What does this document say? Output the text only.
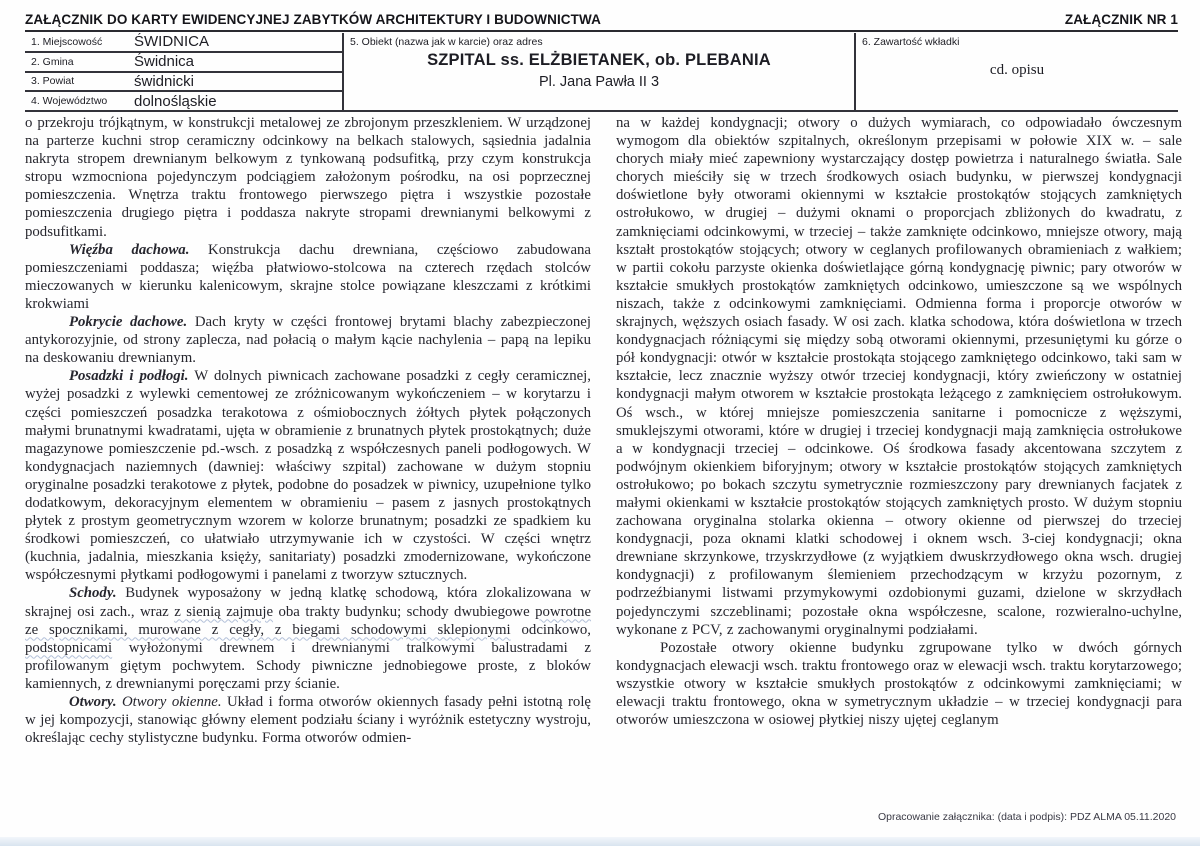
ZAŁĄCZNIK DO KARTY EWIDENCYJNEJ ZABYTKÓW ARCHITEKTURY I BUDOWNICTWA	ZAŁĄCZNIK NR 1
1. Miejscowość	ŚWIDNICA
2. Gmina	Świdnica
3. Powiat	świdnicki
4. Województwo	dolnośląskie
5. Obiekt (nazwa jak w karcie) oraz adres
SZPITAL ss. ELŻBIETANEK, ob. PLEBANIA
Pl. Jana Pawła II 3
6. Zawartość wkładki
cd. opisu

o przekroju trójkątnym, w konstrukcji metalowej ze zbrojonym przeszkleniem. W urządzonej na parterze kuchni strop ceramiczny odcinkowy na belkach stalowych, sąsiednia jadalnia nakryta stropem drewnianym belkowym z tynkowaną podsufitką, przy czym konstrukcja stropu wzmocniona pojedynczym podciągiem założonym pośrodku, na osi poprzecznej pomieszczenia. Wnętrza traktu frontowego pierwszego piętra i wszystkie pozostałe pomieszczenia drugiego piętra i poddasza nakryte stropami drewnianymi belkowymi z podsufitkami.

Więźba dachowa. Konstrukcja dachu drewniana, częściowo zabudowana pomieszczeniami poddasza; więźba płatwiowo-stolcowa na czterech rzędach stolców mieczowanych w kierunku kalenicowym, skrajne stolce powiązane kleszczami z krótkimi krokwiami

Pokrycie dachowe. Dach kryty w części frontowej brytami blachy zabezpieczonej antykorozyjnie, od strony zaplecza, nad połacią o małym kącie nachylenia – papą na lepiku na deskowaniu drewnianym.

Posadzki i podłogi. W dolnych piwnicach zachowane posadzki z cegły ceramicznej, wyżej posadzki z wylewki cementowej ze zróżnicowanym wykończeniem – w korytarzu i części pomieszczeń posadzka terakotowa z ośmiobocznych żółtych płytek połączonych małymi brunatnymi kwadratami, ujęta w obramienie z brunatnych płytek prostokątnych; duże magazynowe pomieszczenie pd.-wsch. z posadzką z współczesnych paneli podłogowych. W kondygnacjach naziemnych (dawniej: właściwy szpital) zachowane w dużym stopniu oryginalne posadzki terakotowe z płytek, podobne do posadzek w piwnicy, uzupełnione tylko dodatkowym, dekoracyjnym elementem w obramieniu – pasem z jasnych prostokątnych płytek z prostym geometrycznym wzorem w kolorze brunatnym; posadzki ze spadkiem ku środkowi pomieszczeń, co ułatwiało utrzymywanie ich w czystości. W części wnętrz (kuchnia, jadalnia, mieszkania księży, sanitariaty) posadzki zmodernizowane, wykończone współczesnymi płytkami podłogowymi i panelami z tworzyw sztucznych.

Schody. Budynek wyposażony w jedną klatkę schodową, która zlokalizowana w skrajnej osi zach., wraz z sienią zajmuje oba trakty budynku; schody dwubiegowe powrotne ze spocznikami, murowane z cegły, z biegami schodowymi sklepionymi odcinkowo, podstopnicami wyłożonymi drewnem i drewnianymi tralkowymi balustradami z profilowanym giętym pochwytem. Schody piwniczne jednobiegowe proste, z bloków kamiennych, z drewnianymi poręczami przy ścianie.

Otwory. Otwory okienne. Układ i forma otworów okiennych fasady pełni istotną rolę w jej kompozycji, stanowiąc główny element podziału ściany i wyróżnik estetyczny wystroju, określając cechy stylistyczne budynku. Forma otworów odmien-

na w każdej kondygnacji; otwory o dużych wymiarach, co odpowiadało ówczesnym wymogom dla obiektów szpitalnych, określonym przepisami w połowie XIX w. – sale chorych miały mieć zapewniony wystarczający dostęp powietrza i naturalnego światła. Sale chorych mieściły się w trzech środkowych osiach budynku, w pierwszej kondygnacji doświetlone były otworami okiennymi w kształcie prostokątów stojących zamkniętych ostrołukowo, w drugiej – dużymi oknami o proporcjach zbliżonych do kwadratu, z zamknięciami odcinkowymi, w trzeciej – także zamknięte odcinkowo, mniejsze otwory, mają kształt prostokątów stojących; otwory w ceglanych profilowanych obramieniach z wałkiem; w partii cokołu parzyste okienka doświetlające górną kondygnację piwnic; pary otworów w kształcie smukłych prostokątów zamkniętych odcinkowo, umieszczone są we wspólnych niszach, także z odcinkowymi zamknięciami. Odmienna forma i proporcje otworów w skrajnych, węższych osiach fasady. W osi zach. klatka schodowa, która doświetlona w trzech kondygnacjach różniącymi się między sobą otworami okiennymi, przesuniętymi ku górze o pół kondygnacji: otwór w kształcie prostokąta stojącego zamkniętego odcinkowo, taki sam w kształcie, lecz znacznie wyższy otwór trzeciej kondygnacji, który zwieńczony w ostatniej kondygnacji małym otworem w kształcie prostokąta leżącego z zamknięciem ostrołukowym. Oś wsch., w której mniejsze pomieszczenia sanitarne i pomocnicze z węższymi, smuklejszymi otworami, które w drugiej i trzeciej kondygnacji mają zamknięcia ostrołukowe a w kondygnacji trzeciej – odcinkowe. Oś środkowa fasady akcentowana szczytem z podwójnym okienkiem biforyjnym; otwory w kształcie prostokątów stojących zamkniętych ostrołukowo; po bokach szczytu symetrycznie rozmieszczony pary drewnianych facjatek z małymi okienkami w kształcie prostokątów stojących zamkniętych prosto. W dużym stopniu zachowana oryginalna stolarka okienna – otwory okienne od pierwszej do trzeciej kondygnacji, poza oknami klatki schodowej i oknem wsch. 3-ciej kondygnacji; okna drewniane skrzynkowe, trzyskrzydłowe (z wyjątkiem dwuskrzydłowego okna wsch. drugiej kondygnacji) z profilowanym ślemieniem przechodzącym w krzyżu pozornym, z podrzeźbianymi listwami przymykowymi ozdobionymi guzami, dzielone w skrzydłach pojedynczymi szczeblinami; pozostałe okna współczesne, scalone, rozwieralno-uchylne, wykonane z PCV, z zachowanymi oryginalnymi podziałami.

Pozostałe otwory okienne budynku zgrupowane tylko w dwóch górnych kondygnacjach elewacji wsch. traktu frontowego oraz w elewacji wsch. traktu korytarzowego; wszystkie otwory w kształcie smukłych prostokątów z odcinkowymi zamknięciami; w elewacji traktu frontowego, okna w symetrycznym układzie – w trzeciej kondygnacji para otworów umieszczona w osiowej płytkiej niszy ujętej ceglanym

Opracowanie załącznika: (data i podpis): PDZ ALMA 05.11.2020
